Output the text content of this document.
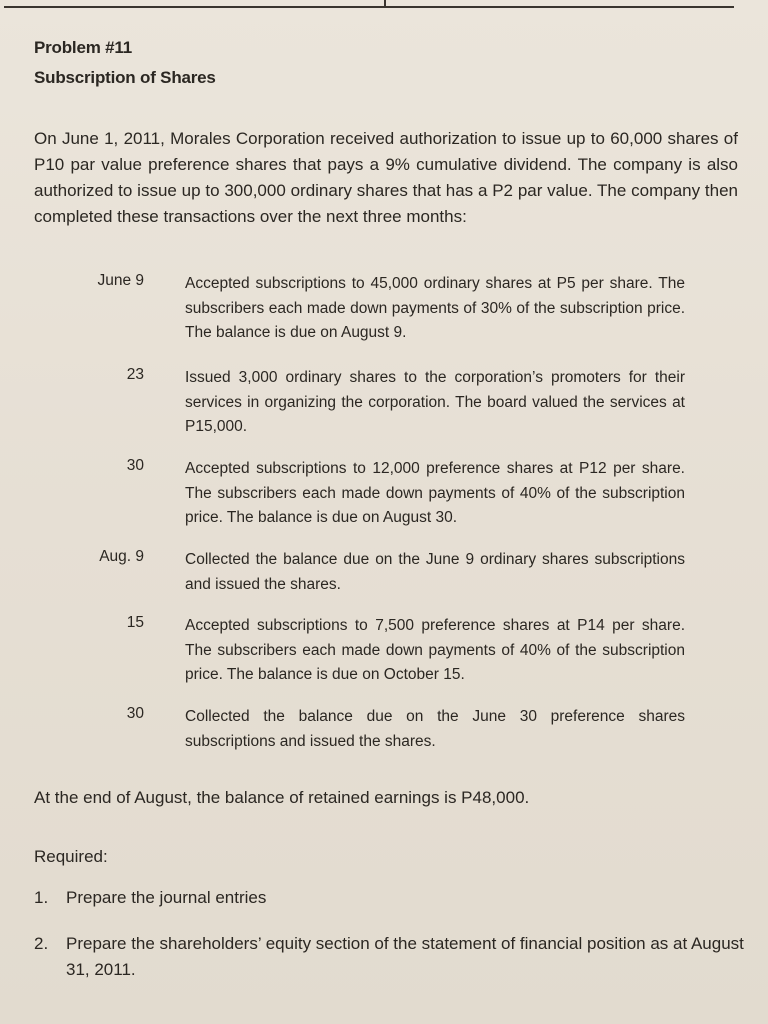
Problem #11
Subscription of Shares
On June 1, 2011, Morales Corporation received authorization to issue up to 60,000 shares of P10 par value preference shares that pays a 9% cumulative dividend. The company is also authorized to issue up to 300,000 ordinary shares that has a P2 par value. The company then completed these transactions over the next three months:
June 9	Accepted subscriptions to 45,000 ordinary shares at P5 per share. The subscribers each made down payments of 30% of the subscription price. The balance is due on August 9.
23	Issued 3,000 ordinary shares to the corporation’s promoters for their services in organizing the corporation. The board valued the services at P15,000.
30	Accepted subscriptions to 12,000 preference shares at P12 per share. The subscribers each made down payments of 40% of the subscription price. The balance is due on August 30.
Aug. 9	Collected the balance due on the June 9 ordinary shares subscriptions and issued the shares.
15	Accepted subscriptions to 7,500 preference shares at P14 per share. The subscribers each made down payments of 40% of the subscription price. The balance is due on October 15.
30	Collected the balance due on the June 30 preference shares subscriptions and issued the shares.
At the end of August, the balance of retained earnings is P48,000.
Required:
1.	Prepare the journal entries
2.	Prepare the shareholders’ equity section of the statement of financial position as at August 31, 2011.
